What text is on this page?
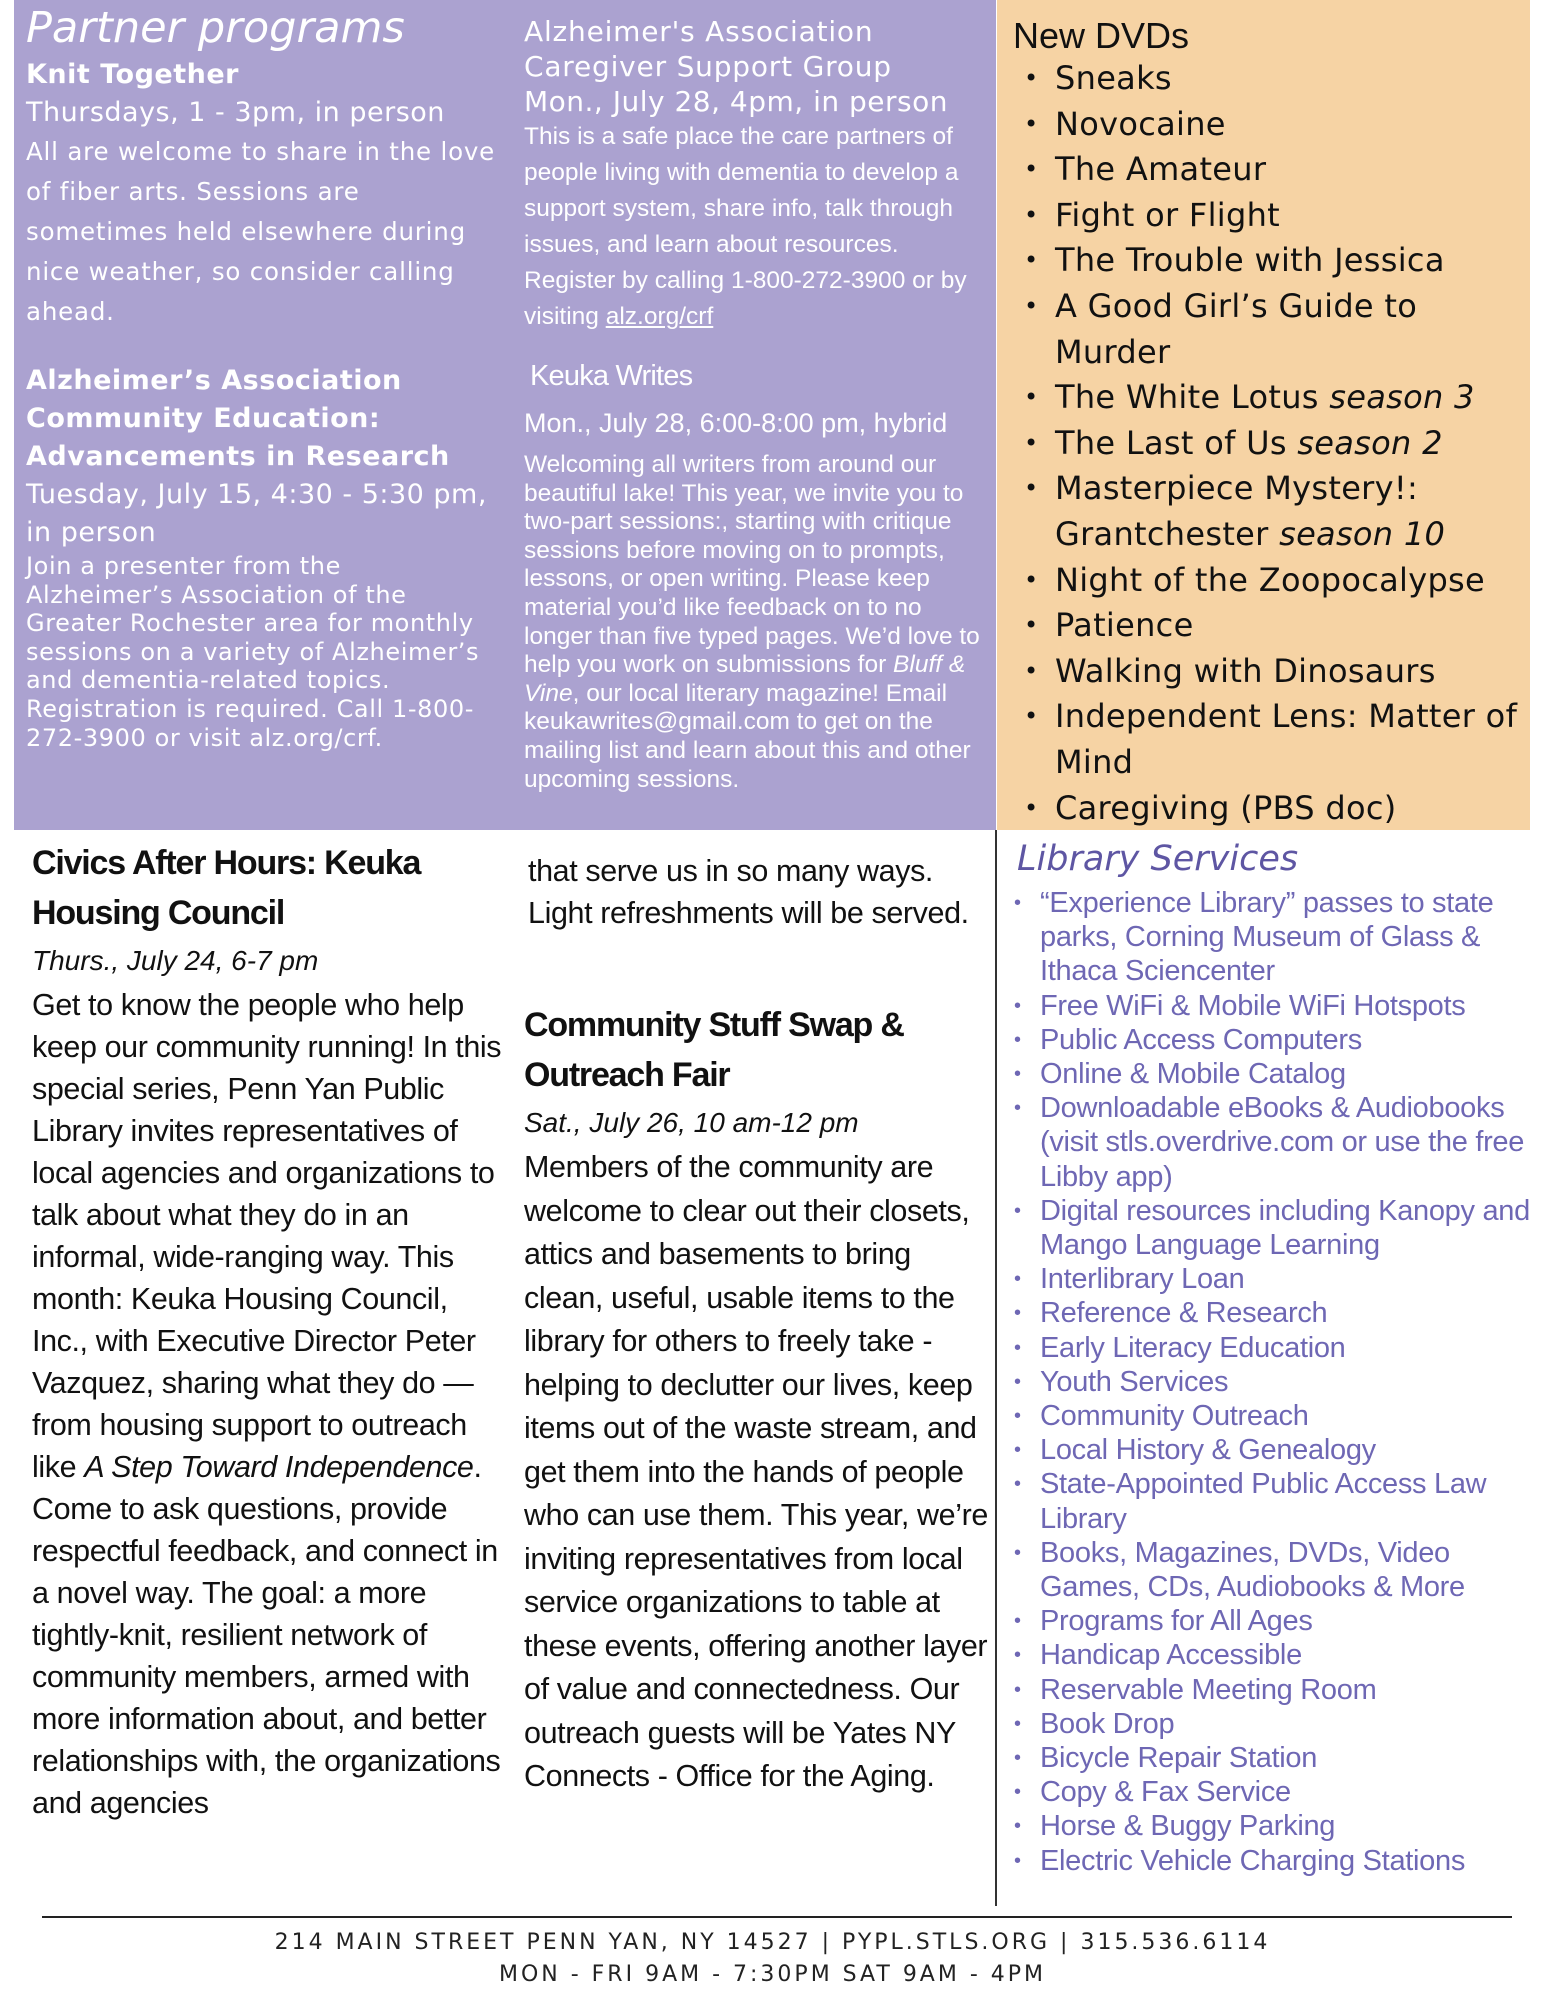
Partner programs
Knit Together
Thursdays, 1 - 3pm, in person
All are welcome to share in the love of fiber arts. Sessions are sometimes held elsewhere during nice weather, so consider calling ahead.
Alzheimer’s Association Community Education: Advancements in Research
Tuesday, July 15, 4:30 - 5:30 pm, in person
Join a presenter from the Alzheimer’s Association of the Greater Rochester area for monthly sessions on a variety of Alzheimer’s and dementia-related topics. Registration is required. Call 1-800-272-3900 or visit alz.org/crf.
Alzheimer's Association Caregiver Support Group
Mon., July 28, 4pm, in person
This is a safe place the care partners of people living with dementia to develop a support system, share info, talk through issues, and learn about resources. Register by calling 1-800-272-3900 or by visiting alz.org/crf
Keuka Writes
Mon., July 28, 6:00-8:00 pm, hybrid
Welcoming all writers from around our beautiful lake! This year, we invite you to two-part sessions:, starting with critique sessions before moving on to prompts, lessons, or open writing. Please keep material you’d like feedback on to no longer than five typed pages. We’d love to help you work on submissions for Bluff & Vine, our local literary magazine! Email keukawrites@gmail.com to get on the mailing list and learn about this and other upcoming sessions.
New DVDs
• Sneaks
• Novocaine
• The Amateur
• Fight or Flight
• The Trouble with Jessica
• A Good Girl’s Guide to Murder
• The White Lotus season 3
• The Last of Us season 2
• Masterpiece Mystery!: Grantchester season 10
• Night of the Zoopocalypse
• Patience
• Walking with Dinosaurs
• Independent Lens: Matter of Mind
• Caregiving (PBS doc)
Civics After Hours: Keuka Housing Council
Thurs., July 24, 6-7 pm
Get to know the people who help keep our community running! In this special series, Penn Yan Public Library invites representatives of local agencies and organizations to talk about what they do in an informal, wide-ranging way. This month: Keuka Housing Council, Inc., with Executive Director Peter Vazquez, sharing what they do —from housing support to outreach like A Step Toward Independence. Come to ask questions, provide respectful feedback, and connect in a novel way. The goal: a more tightly-knit, resilient network of community members, armed with more information about, and better relationships with, the organizations and agencies
that serve us in so many ways. Light refreshments will be served.
Community Stuff Swap & Outreach Fair
Sat., July 26, 10 am-12 pm
Members of the community are welcome to clear out their closets, attics and basements to bring clean, useful, usable items to the library for others to freely take - helping to declutter our lives, keep items out of the waste stream, and get them into the hands of people who can use them. This year, we’re inviting representatives from local service organizations to table at these events, offering another layer of value and connectedness. Our outreach guests will be Yates NY Connects - Office for the Aging.
Library Services
• “Experience Library” passes to state parks, Corning Museum of Glass & Ithaca Sciencenter
• Free WiFi & Mobile WiFi Hotspots
• Public Access Computers
• Online & Mobile Catalog
• Downloadable eBooks & Audiobooks (visit stls.overdrive.com or use the free Libby app)
• Digital resources including Kanopy and Mango Language Learning
• Interlibrary Loan
• Reference & Research
• Early Literacy Education
• Youth Services
• Community Outreach
• Local History & Genealogy
• State-Appointed Public Access Law Library
• Books, Magazines, DVDs, Video Games, CDs, Audiobooks & More
• Programs for All Ages
• Handicap Accessible
• Reservable Meeting Room
• Book Drop
• Bicycle Repair Station
• Copy & Fax Service
• Horse & Buggy Parking
• Electric Vehicle Charging Stations
214 MAIN STREET PENN YAN, NY 14527 | PYPL.STLS.ORG | 315.536.6114
MON - FRI 9AM - 7:30PM SAT 9AM - 4PM
